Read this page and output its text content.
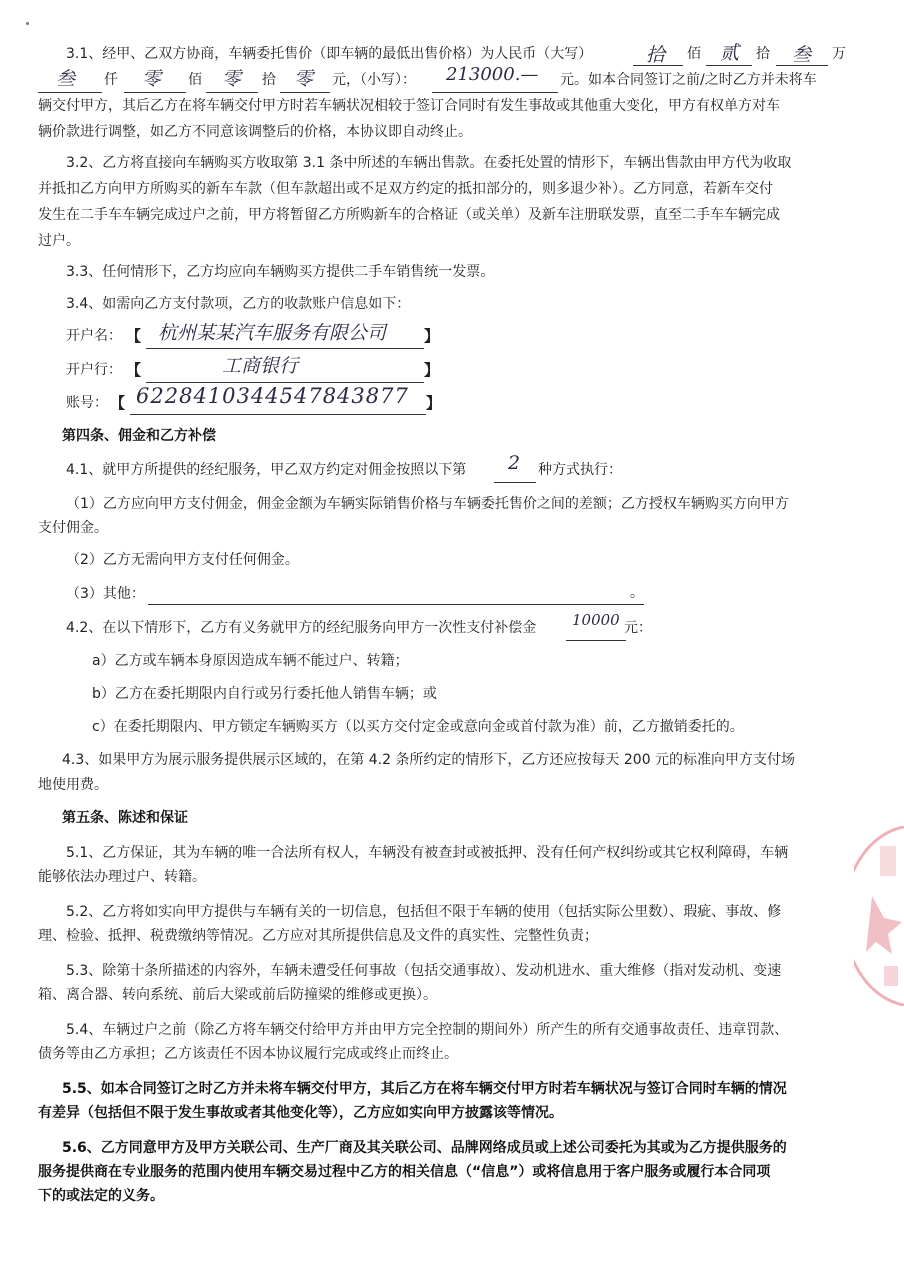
3.1、经甲、乙双方协商，车辆委托售价（即车辆的最低出售价格）为人民币（大写）	拾 佰 贰 拾 叁 万
叁 仟 零 佰 零 拾 零 元，（小写）： 213000.— 元。如本合同签订之前/之时乙方并未将车
辆交付甲方，其后乙方在将车辆交付甲方时若车辆状况相较于签订合同时有发生事故或其他重大变化，甲方有权单方对车
辆价款进行调整，如乙方不同意该调整后的价格，本协议即自动终止。
3.2、乙方将直接向车辆购买方收取第 3.1 条中所述的车辆出售款。在委托处置的情形下，车辆出售款由甲方代为收取
并抵扣乙方向甲方所购买的新车车款（但车款超出或不足双方约定的抵扣部分的，则多退少补）。乙方同意，若新车交付
发生在二手车车辆完成过户之前，甲方将暂留乙方所购新车的合格证（或关单）及新车注册联发票，直至二手车车辆完成
过户。
3.3、任何情形下，乙方均应向车辆购买方提供二手车销售统一发票。
3.4、如需向乙方支付款项，乙方的收款账户信息如下：
开户名： 【 杭州某某汽车服务有限公司	】
开户行： 【	工商银行	】
账号： 【 6228410344547843877 】
第四条、佣金和乙方补偿
4.1、就甲方所提供的经纪服务，甲乙双方约定对佣金按照以下第 2 种方式执行：
（1）乙方应向甲方支付佣金，佣金金额为车辆实际销售价格与车辆委托售价之间的差额；乙方授权车辆购买方向甲方
支付佣金。
（2）乙方无需向甲方支付任何佣金。
（3）其他：	。
4.2、在以下情形下，乙方有义务就甲方的经纪服务向甲方一次性支付补偿金 10000 元：
a）乙方或车辆本身原因造成车辆不能过户、转籍；
b）乙方在委托期限内自行或另行委托他人销售车辆；或
c）在委托期限内、甲方锁定车辆购买方（以买方交付定金或意向金或首付款为准）前，乙方撤销委托的。
4.3、如果甲方为展示服务提供展示区域的，在第 4.2 条所约定的情形下，乙方还应按每天 200 元的标准向甲方支付场
地使用费。
第五条、陈述和保证
5.1、乙方保证，其为车辆的唯一合法所有权人，车辆没有被查封或被抵押、没有任何产权纠纷或其它权利障碍，车辆
能够依法办理过户、转籍。
5.2、乙方将如实向甲方提供与车辆有关的一切信息，包括但不限于车辆的使用（包括实际公里数）、瑕疵、事故、修
理、检验、抵押、税费缴纳等情况。乙方应对其所提供信息及文件的真实性、完整性负责；
5.3、除第十条所描述的内容外，车辆未遭受任何事故（包括交通事故）、发动机进水、重大维修（指对发动机、变速
箱、离合器、转向系统、前后大梁或前后防撞梁的维修或更换）。
5.4、车辆过户之前（除乙方将车辆交付给甲方并由甲方完全控制的期间外）所产生的所有交通事故责任、违章罚款、
债务等由乙方承担；乙方该责任不因本协议履行完成或终止而终止。
5.5、如本合同签订之时乙方并未将车辆交付甲方，其后乙方在将车辆交付甲方时若车辆状况与签订合同时车辆的情况
有差异（包括但不限于发生事故或者其他变化等），乙方应如实向甲方披露该等情况。
5.6、乙方同意甲方及甲方关联公司、生产厂商及其关联公司、品牌网络成员或上述公司委托为其或为乙方提供服务的
服务提供商在专业服务的范围内使用车辆交易过程中乙方的相关信息（“信息”）或将信息用于客户服务或履行本合同项
下的或法定的义务。
